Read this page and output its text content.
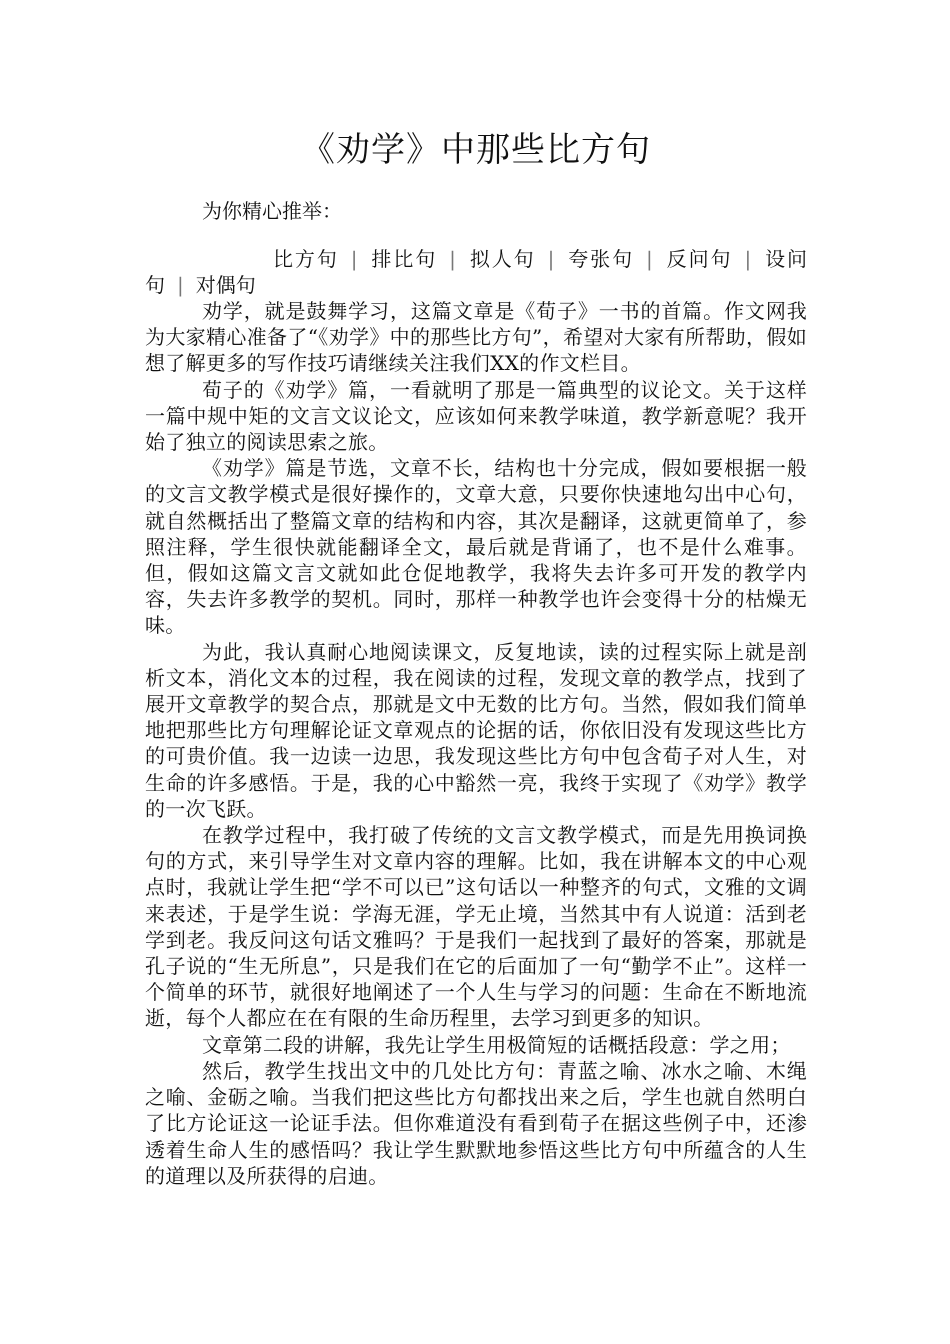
《劝学》中那些比方句

为你精心推举：

比方句 | 排比句 | 拟人句 | 夸张句 | 反问句 | 设问句 | 对偶句

劝学，就是鼓舞学习，这篇文章是《荀子》一书的首篇。作文网我为大家精心准备了“《劝学》中的那些比方句”，希望对大家有所帮助，假如想了解更多的写作技巧请继续关注我们XX的作文栏目。

荀子的《劝学》篇，一看就明了那是一篇典型的议论文。关于这样一篇中规中矩的文言文议论文，应该如何来教学味道，教学新意呢？我开始了独立的阅读思索之旅。

《劝学》篇是节选，文章不长，结构也十分完成，假如要根据一般的文言文教学模式是很好操作的，文章大意，只要你快速地勾出中心句，就自然概括出了整篇文章的结构和内容，其次是翻译，这就更简单了，参照注释，学生很快就能翻译全文，最后就是背诵了，也不是什么难事。但，假如这篇文言文就如此仓促地教学，我将失去许多可开发的教学内容，失去许多教学的契机。同时，那样一种教学也许会变得十分的枯燥无味。

为此，我认真耐心地阅读课文，反复地读，读的过程实际上就是剖析文本，消化文本的过程，我在阅读的过程，发现文章的教学点，找到了展开文章教学的契合点，那就是文中无数的比方句。当然，假如我们简单地把那些比方句理解论证文章观点的论据的话，你依旧没有发现这些比方的可贵价值。我一边读一边思，我发现这些比方句中包含荀子对人生，对生命的许多感悟。于是，我的心中豁然一亮，我终于实现了《劝学》教学的一次飞跃。

在教学过程中，我打破了传统的文言文教学模式，而是先用换词换句的方式，来引导学生对文章内容的理解。比如，我在讲解本文的中心观点时，我就让学生把“学不可以已”这句话以一种整齐的句式，文雅的文调来表述，于是学生说：学海无涯，学无止境，当然其中有人说道：活到老学到老。我反问这句话文雅吗？于是我们一起找到了最好的答案，那就是孔子说的“生无所息”，只是我们在它的后面加了一句“勤学不止”。这样一个简单的环节，就很好地阐述了一个人生与学习的问题：生命在不断地流逝，每个人都应在在有限的生命历程里，去学习到更多的知识。

文章第二段的讲解，我先让学生用极简短的话概括段意：学之用；

然后，教学生找出文中的几处比方句：青蓝之喻、冰水之喻、木绳之喻、金砺之喻。当我们把这些比方句都找出来之后，学生也就自然明白了比方论证这一论证手法。但你难道没有看到荀子在据这些例子中，还渗透着生命人生的感悟吗？我让学生默默地参悟这些比方句中所蕴含的人生的道理以及所获得的启迪。
